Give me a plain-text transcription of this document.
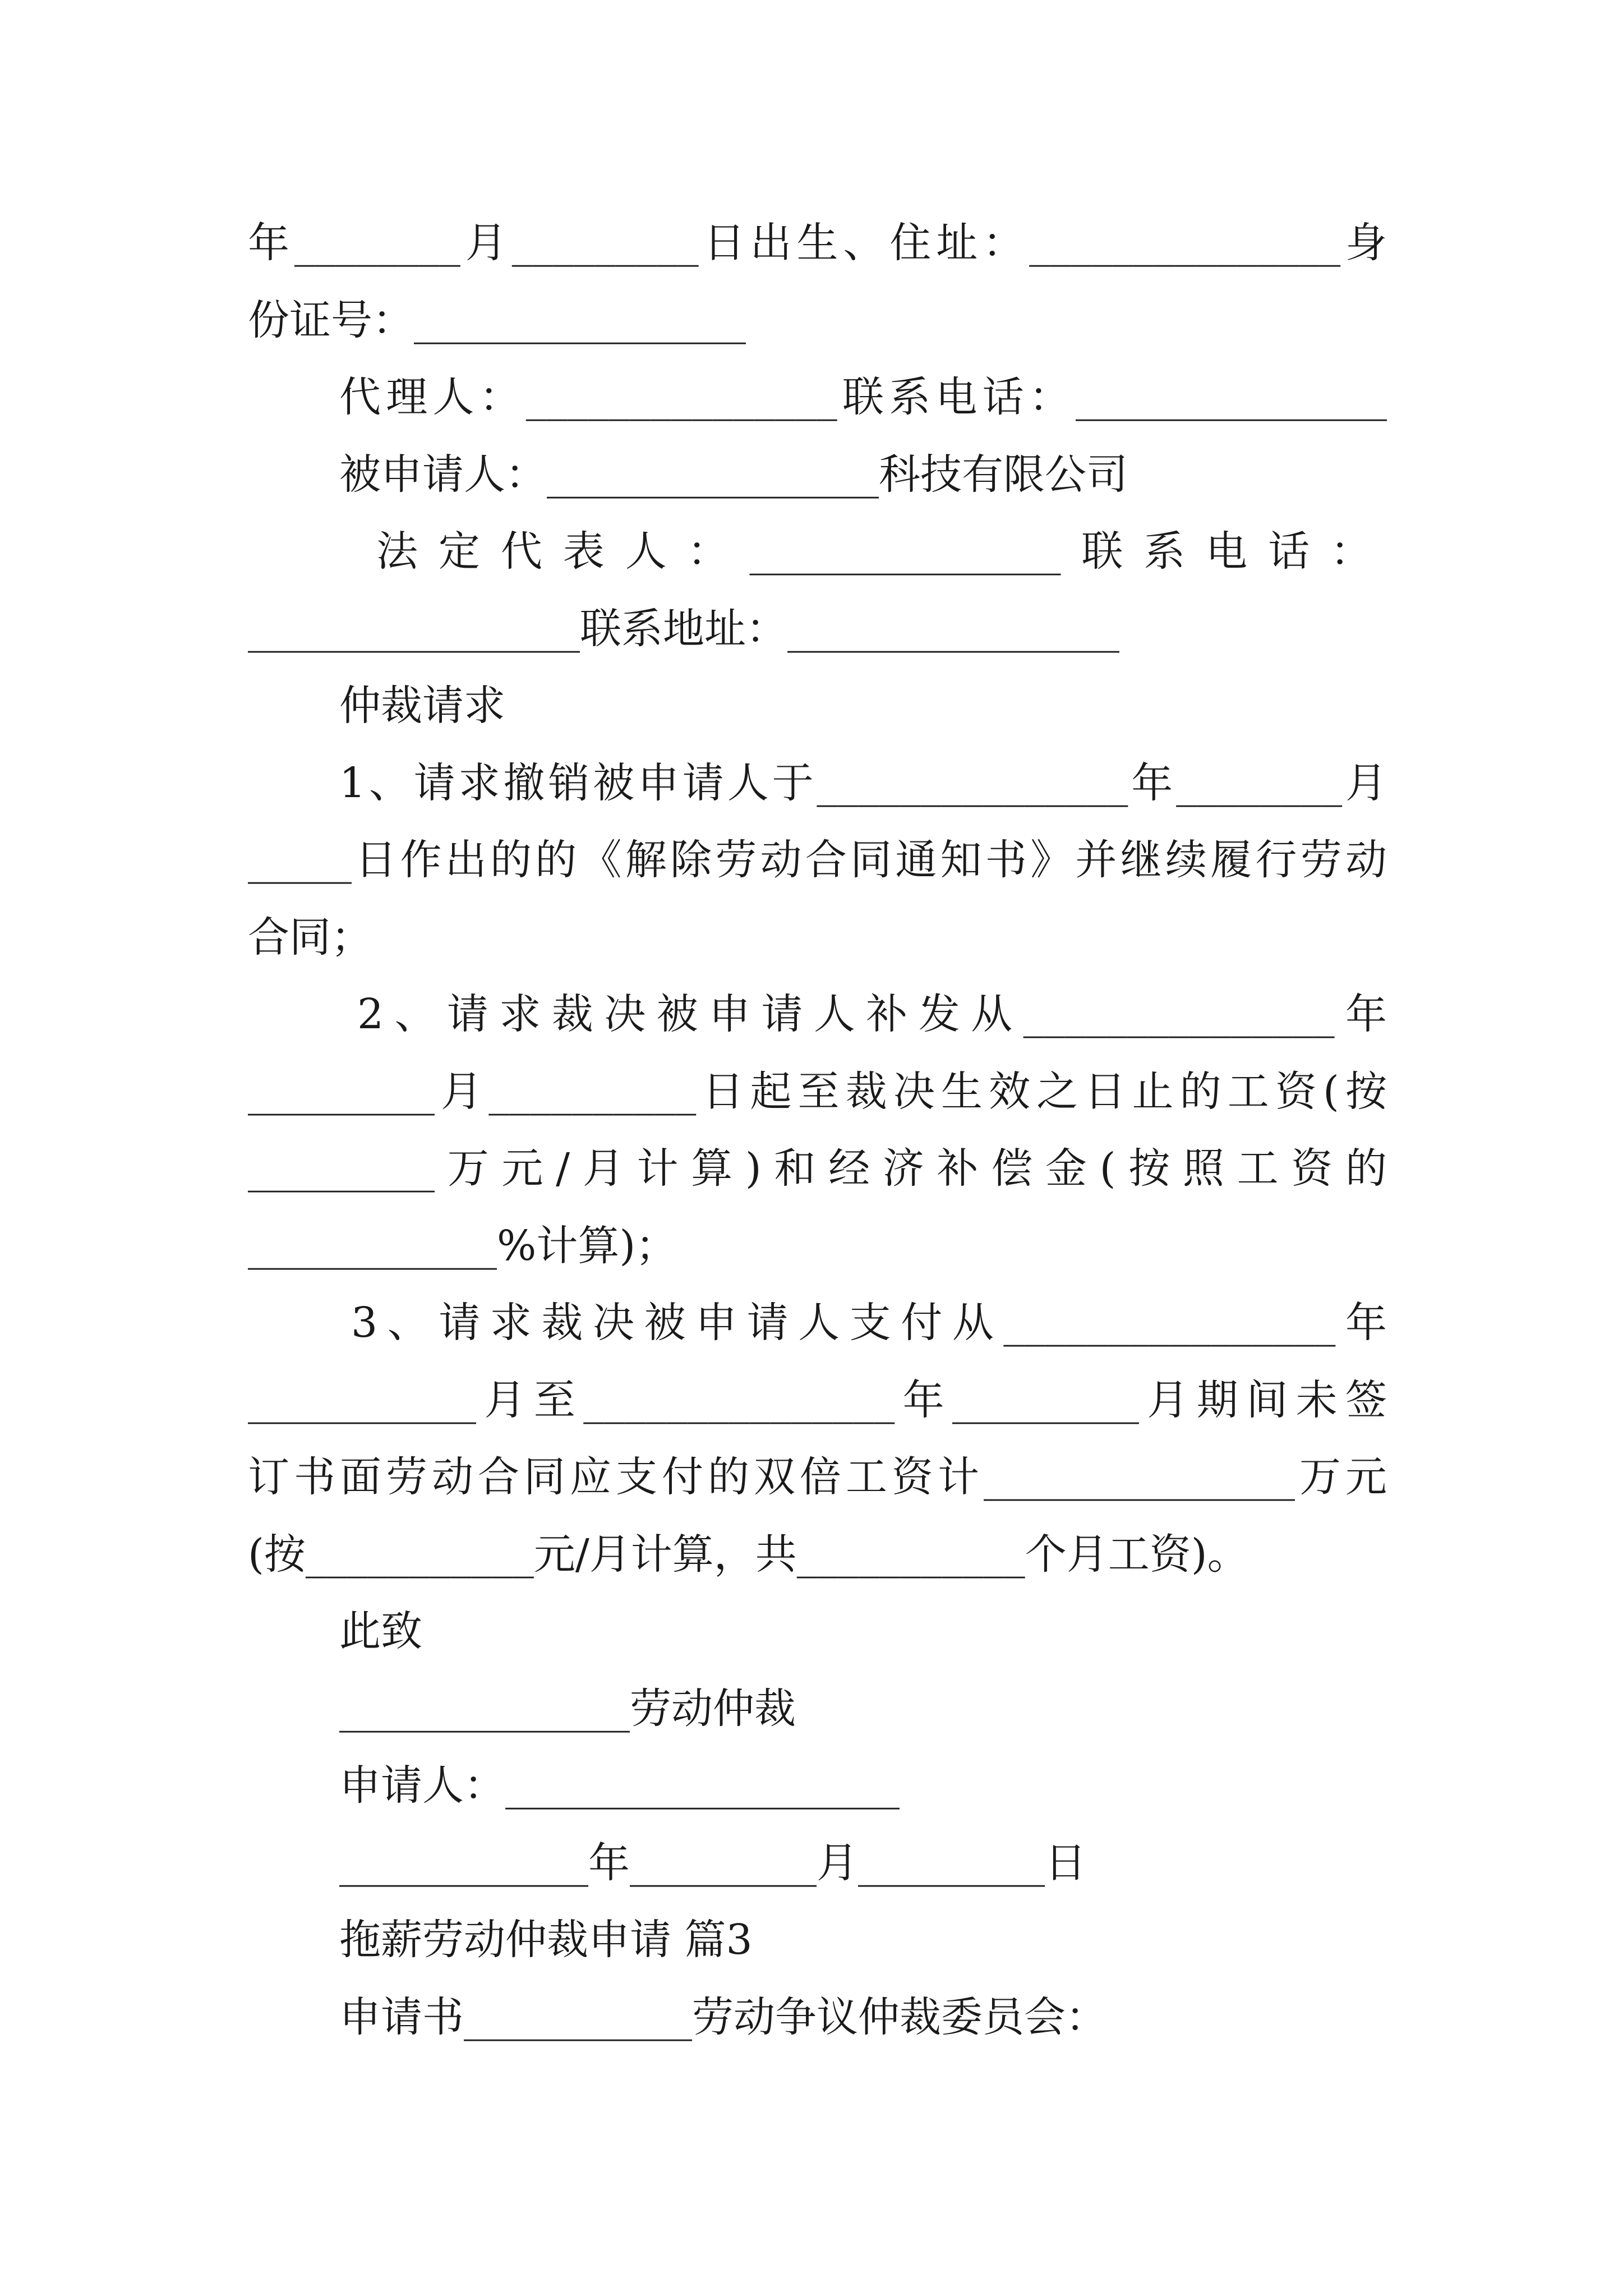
年________月_________日出生、住址：_______________身
份证号：________________
代理人：_______________联系电话：_______________
被申请人：________________科技有限公司
法定代表人：_______________联系电话：
________________联系地址：________________
仲裁请求
1、请求撤销被申请人于_______________年________月
_____日作出的的《解除劳动合同通知书》并继续履行劳动
合同；
2、请求裁决被申请人补发从_______________年
_________月__________日起至裁决生效之日止的工资(按
_________万元/月计算)和经济补偿金(按照工资的
____________%计算)；
3、请求裁决被申请人支付从________________年
___________月至_______________年_________月期间未签
订书面劳动合同应支付的双倍工资计_______________万元
(按___________元/月计算，共___________个月工资)。
此致
______________劳动仲裁
申请人：___________________
____________年_________月_________日
拖薪劳动仲裁申请 篇3
申请书___________劳动争议仲裁委员会：
